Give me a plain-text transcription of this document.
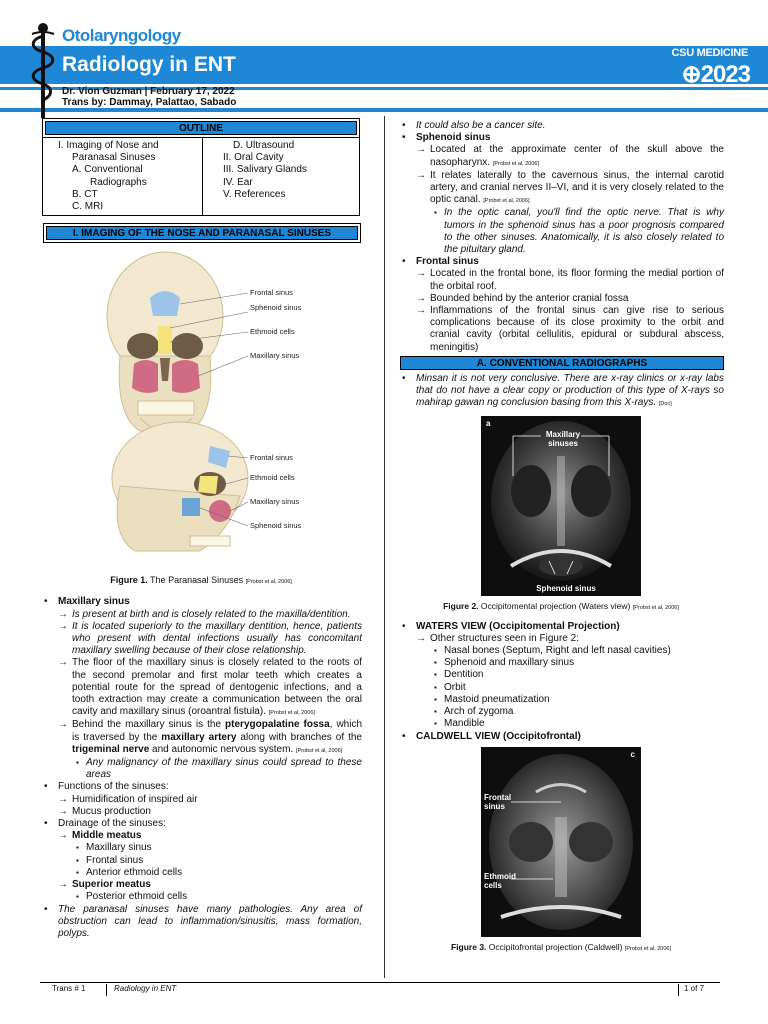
Otolaryngology
Radiology in ENT	CSU MEDICINE
⊕2023
Dr. Vion Guzman | February 17, 2022
Trans by: Dammay, Palattao, Sabado
OUTLINE
I. Imaging of Nose and
Paranasal Sinuses
A. Conventional
Radiographs
B. CT
C. MRI
D. Ultrasound
II. Oral Cavity
III. Salivary Glands
IV. Ear
V. References
I. IMAGING OF THE NOSE AND PARANASAL SINUSES
Frontal sinus
Sphenoid sinus
Ethmoid cells
Maxillary sinus
Frontal sinus
Ethmoid cells
Maxillary sinus
Sphenoid sinus
Figure 1. The Paranasal Sinuses [Probst et al, 2006]
• Maxillary sinus
→ Is present at birth and is closely related to the maxilla/dentition.
→ It is located superiorly to the maxillary dentition, hence, patients who present with dental infections usually has concomitant maxillary swelling because of their close relationship.
→ The floor of the maxillary sinus is closely related to the roots of the second premolar and first molar teeth which creates a potential route for the spread of dentogenic infections, and a tooth extraction may create a communication between the oral cavity and maxillary sinus (oroantral fistula). [Probst et al, 2006]
→ Behind the maxillary sinus is the pterygopalatine fossa, which is traversed by the maxillary artery along with branches of the trigeminal nerve and autonomic nervous system. [Probst et al, 2006]
▪ Any malignancy of the maxillary sinus could spread to these areas
• Functions of the sinuses:
→ Humidification of inspired air
→ Mucus production
• Drainage of the sinuses:
→ Middle meatus
▪ Maxillary sinus
▪ Frontal sinus
▪ Anterior ethmoid cells
→ Superior meatus
▪ Posterior ethmoid cells
• The paranasal sinuses have many pathologies. Any area of obstruction can lead to inflammation/sinusitis, mass formation, polyps.
• It could also be a cancer site.
• Sphenoid sinus
→ Located at the approximate center of the skull above the nasopharynx. [Probst et al, 2006]
→ It relates laterally to the cavernous sinus, the internal carotid artery, and cranial nerves II–VI, and it is very closely related to the optic canal. [Probst et al, 2006]
▪ In the optic canal, you'll find the optic nerve. That is why tumors in the sphenoid sinus has a poor prognosis compared to the other sinuses. Anatomically, it is also closely related to the pituitary gland.
• Frontal sinus
→ Located in the frontal bone, its floor forming the medial portion of the orbital roof.
→ Bounded behind by the anterior cranial fossa
→ Inflammations of the frontal sinus can give rise to serious complications because of its close proximity to the orbit and cranial cavity (orbital cellulitis, epidural or subdural abscess, meningitis)
A. CONVENTIONAL RADIOGRAPHS
• Minsan it is not very conclusive. There are x-ray clinics or x-ray labs that do not have a clear copy or production of this type of X-rays so mahirap gawan ng conclusion basing from this X-rays. [Doc]
a
Maxillary sinuses
Sphenoid sinus
Figure 2. Occipitomental projection (Waters view) [Probst et al, 2006]
• WATERS VIEW (Occipitomental Projection)
→ Other structures seen in Figure 2:
▪ Nasal bones (Septum, Right and left nasal cavities)
▪ Sphenoid and maxillary sinus
▪ Dentition
▪ Orbit
▪ Mastoid pneumatization
▪ Arch of zygoma
▪ Mandible
• CALDWELL VIEW (Occipitofrontal)
c
Frontal sinus
Ethmoid cells
Figure 3. Occipitofrontal projection (Caldwell) [Probst et al, 2006]
Trans # 1	Radiology in ENT	1 of 7
